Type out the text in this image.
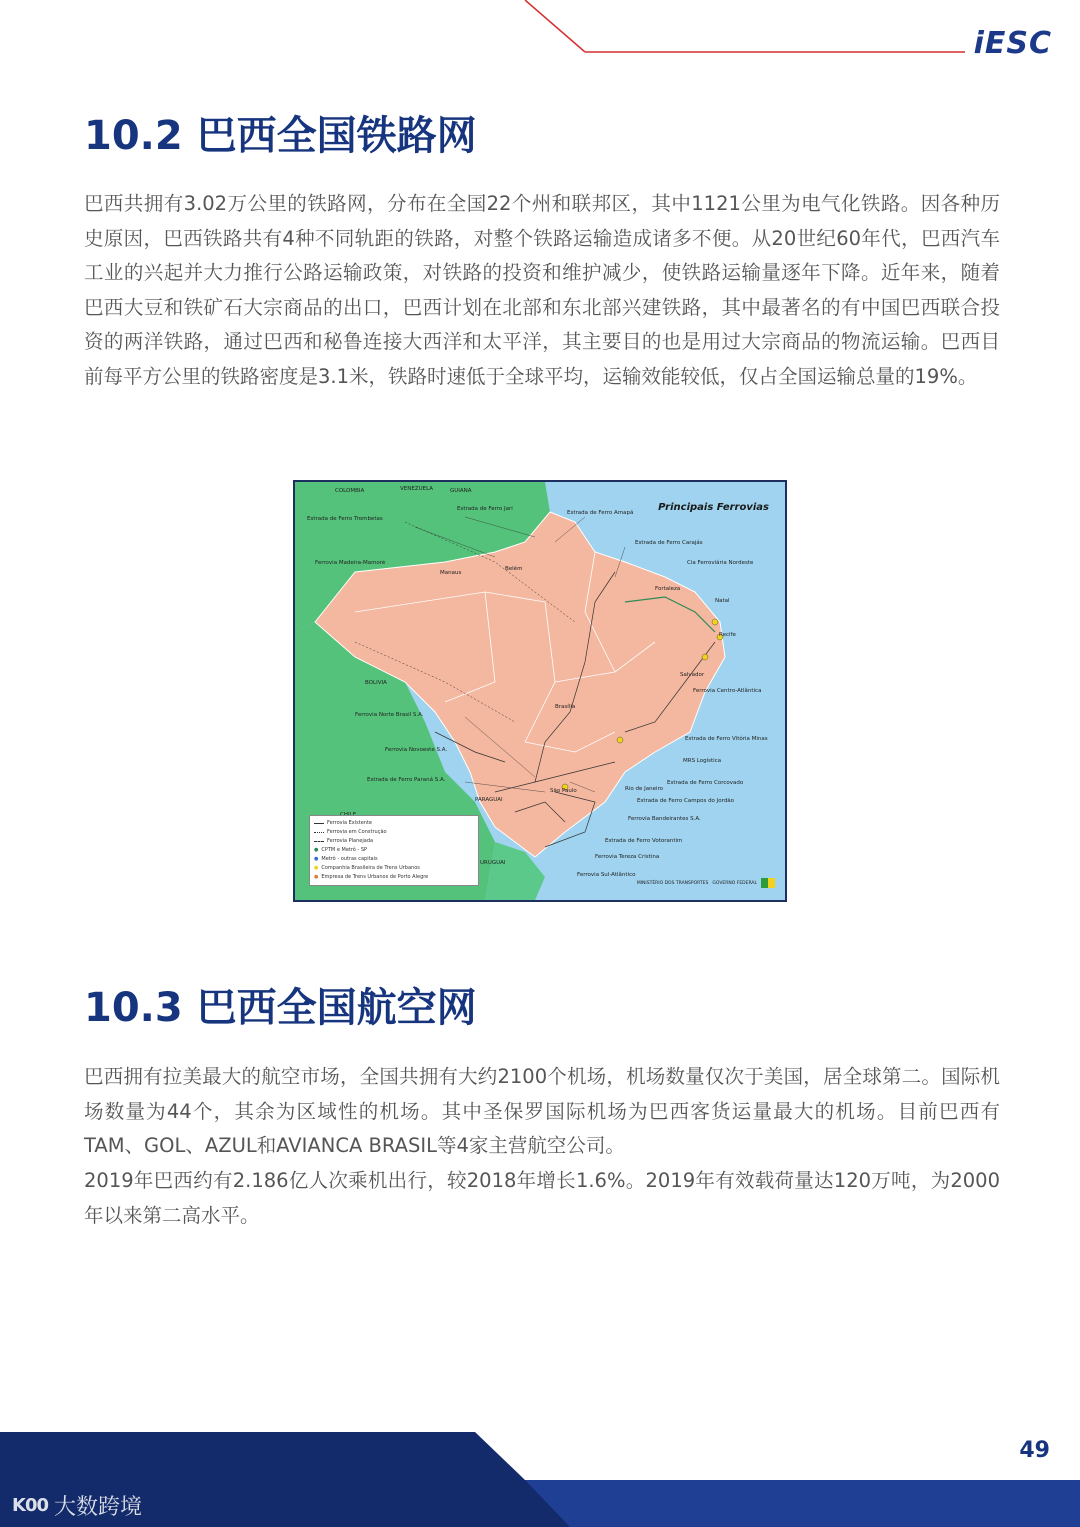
iESC
10.2 巴西全国铁路网

巴西共拥有3.02万公里的铁路网，分布在全国22个州和联邦区，其中1121公里为电气化铁路。因各种历史原因，巴西铁路共有4种不同轨距的铁路，对整个铁路运输造成诸多不便。从20世纪60年代，巴西汽车工业的兴起并大力推行公路运输政策，对铁路的投资和维护减少，使铁路运输量逐年下降。近年来，随着巴西大豆和铁矿石大宗商品的出口，巴西计划在北部和东北部兴建铁路，其中最著名的有中国巴西联合投资的两洋铁路，通过巴西和秘鲁连接大西洋和太平洋，其主要目的也是用过大宗商品的物流运输。巴西目前每平方公里的铁路密度是3.1米，铁路时速低于全球平均，运输效能较低，仅占全国运输总量的19%。

Principais Ferrovias
COLOMBIA	VENEZUELA	GUIANA
BOLIVIA
PARAGUAI
URUGUAI
Estrada de Ferro Trombetas
Estrada de Ferro Jari
Estrada de Ferro Amapá
Estrada de Ferro Carajás
Cia Ferroviária Nordeste
Ferrovia Madeira-Mamoré
Ferrovia Centro-Atlântica
Ferrovia Norte Brasil S.A.
Ferrovia Novoeste S.A.
Estrada de Ferro Vitória Minas
MRS Logística
Estrada de Ferro Paraná S.A.	Estrada de Ferro Corcovado
Estrada de Ferro Campos do Jordão
Ferrovia Bandeirantes S.A.
Estrada de Ferro Votorantim
Ferrovia Tereza Cristina
Ferrovia Sul-Atlântico
Manaus
Belém
Brasília
Recife
Salvador
Rio de Janeiro
São Paulo
Natal
Fortaleza
Ferrovia Existente
Ferrovia em Construção
Ferrovia Planejada
● CPTM e Metrô - SP
● Metrô - outras capitais
● Companhia Brasileira de Trens Urbanos
● Empresa de Trens Urbanos de Porto Alegre
MINISTÉRIO DOS TRANSPORTES GOVERNO FEDERAL
10.3 巴西全国航空网

巴西拥有拉美最大的航空市场，全国共拥有大约2100个机场，机场数量仅次于美国，居全球第二。国际机场数量为44个，其余为区域性的机场。其中圣保罗国际机场为巴西客货运量最大的机场。目前巴西有TAM、GOL、AZUL和AVIANCA BRASIL等4家主营航空公司。

2019年巴西约有2.186亿人次乘机出行，较2018年增长1.6%。2019年有效载荷量达120万吨，为2000年以来第二高水平。

49
K00 大数跨境
